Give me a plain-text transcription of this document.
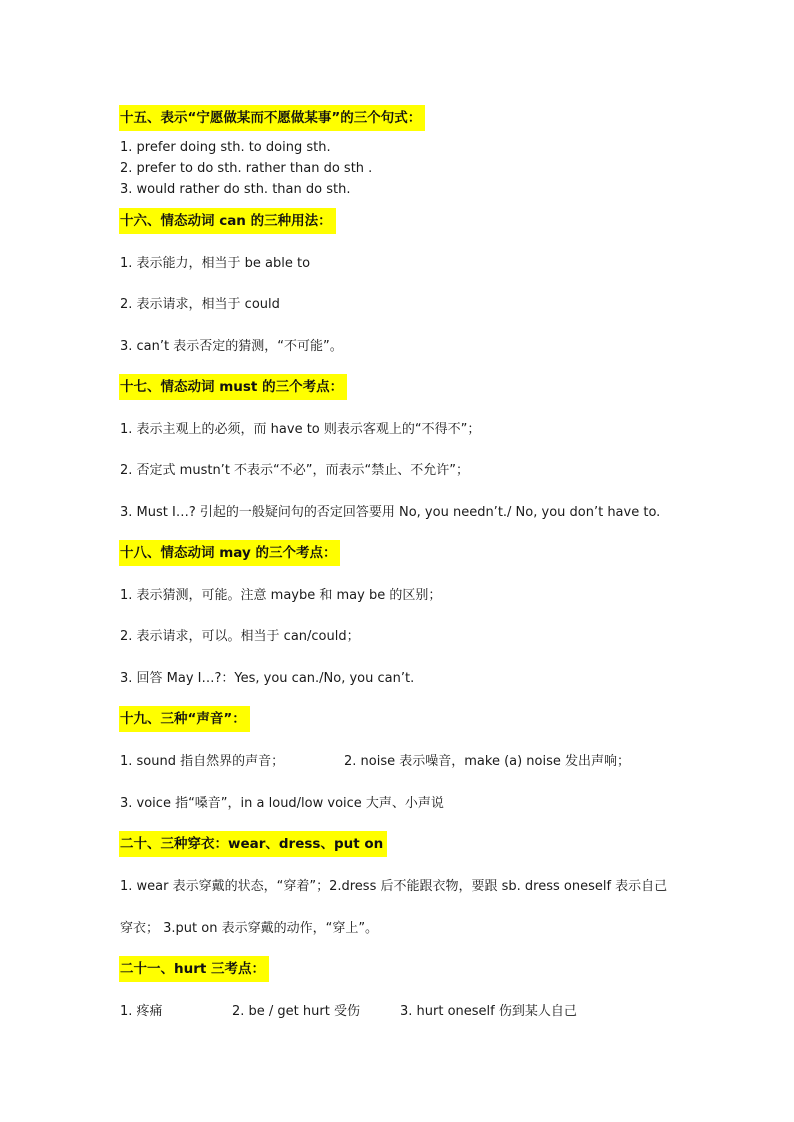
十五、表示“宁愿做某而不愿做某事”的三个句式：
1. prefer doing sth. to doing sth.
2. prefer to do sth. rather than do sth .
3. would rather do sth. than do sth.
十六、情态动词 can 的三种用法：
1. 表示能力，相当于 be able to
2. 表示请求，相当于 could
3. can’t 表示否定的猜测，“不可能”。
十七、情态动词 must 的三个考点：
1. 表示主观上的必须，而 have to 则表示客观上的“不得不”；
2. 否定式 mustn’t 不表示“不必”，而表示“禁止、不允许”；
3. Must I…? 引起的一般疑问句的否定回答要用 No, you needn’t./ No, you don’t have to.
十八、情态动词 may 的三个考点：
1. 表示猜测，可能。注意 maybe 和 may be 的区别；
2. 表示请求，可以。相当于 can/could；
3. 回答 May I…?：Yes, you can./No, you can’t.
十九、三种“声音”：
1. sound 指自然界的声音；	2. noise 表示噪音，make (a) noise 发出声响；
3. voice 指“嗓音”，in a loud/low voice 大声、小声说
二十、三种穿衣：wear、dress、put on
1. wear 表示穿戴的状态，“穿着”；2.dress 后不能跟衣物，要跟 sb. dress oneself 表示自己
穿衣； 3.put on 表示穿戴的动作，“穿上”。
二十一、hurt 三考点：
1. 疼痛	2. be / get hurt 受伤	3. hurt oneself 伤到某人自己
